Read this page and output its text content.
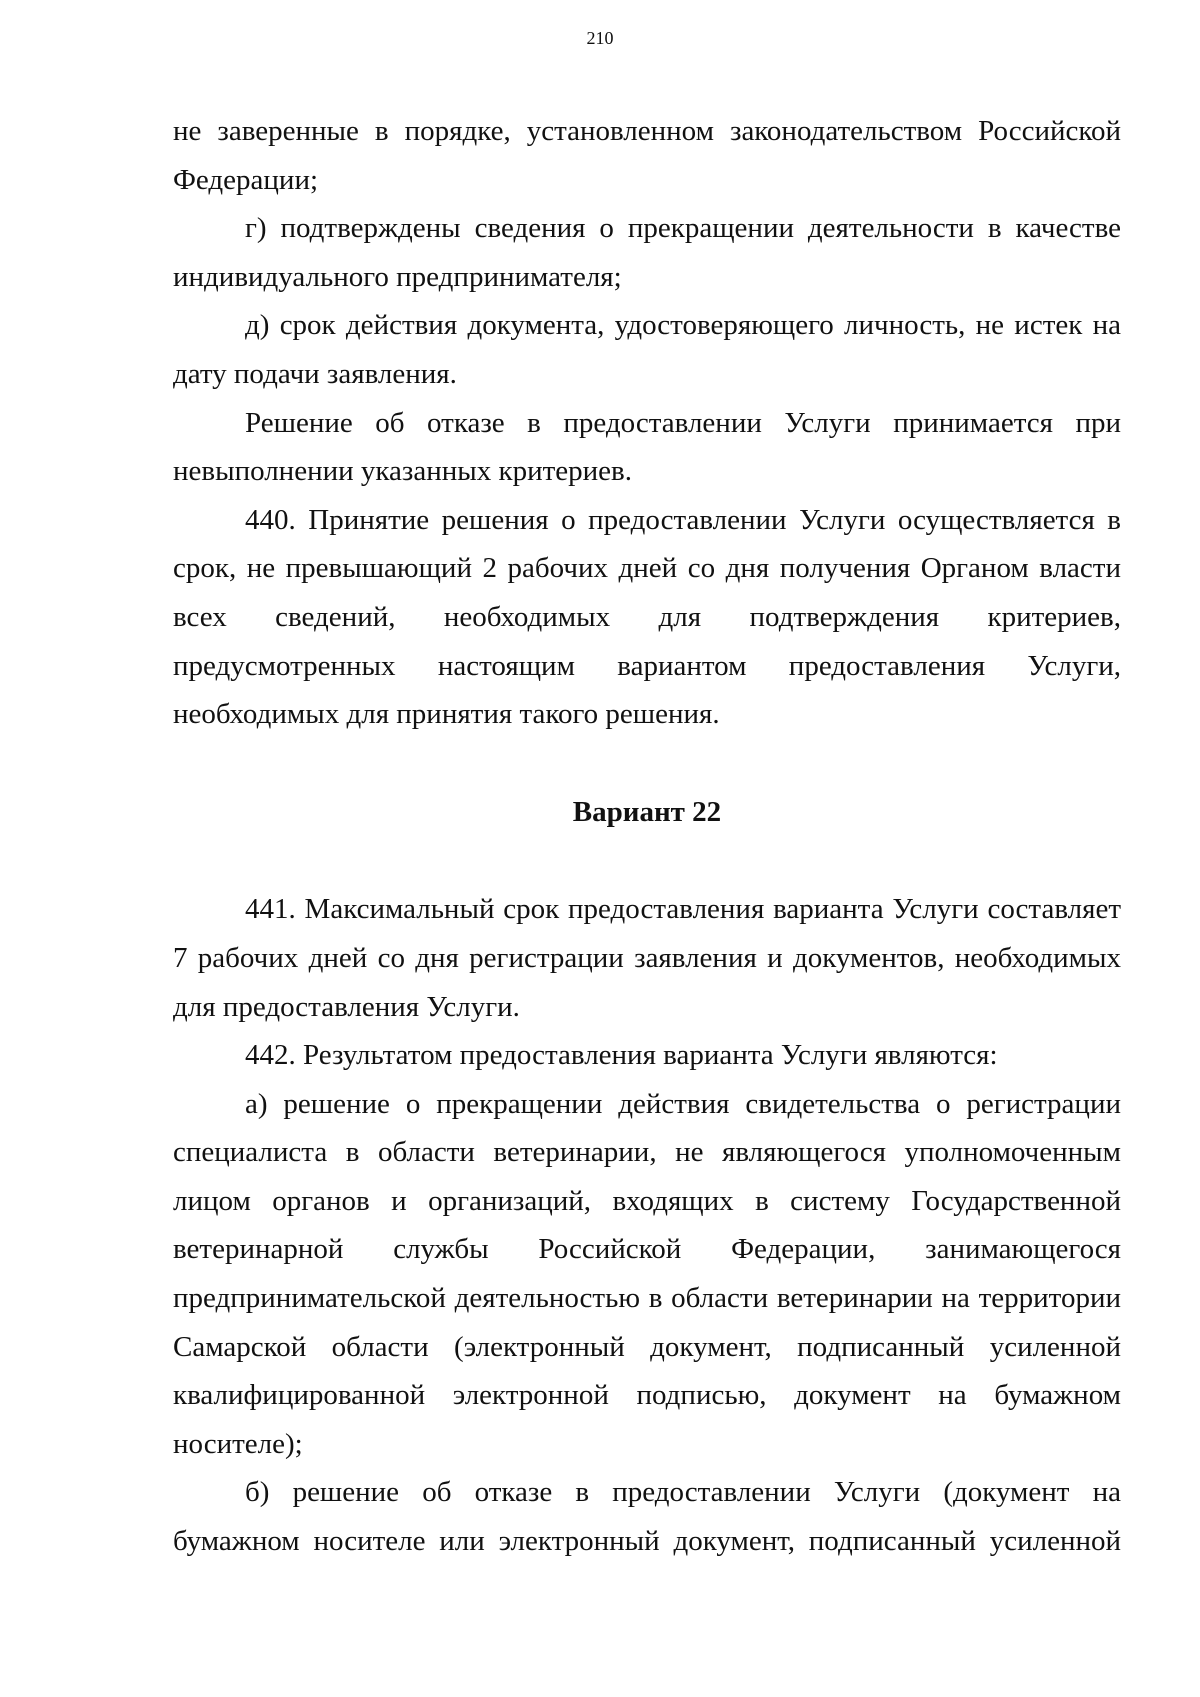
210

не заверенные в порядке, установленном законодательством Российской Федерации;

г) подтверждены сведения о прекращении деятельности в качестве индивидуального предпринимателя;

д) срок действия документа, удостоверяющего личность, не истек на дату подачи заявления.

Решение об отказе в предоставлении Услуги принимается при невыполнении указанных критериев.

440. Принятие решения о предоставлении Услуги осуществляется в срок, не превышающий 2 рабочих дней со дня получения Органом власти всех сведений, необходимых для подтверждения критериев, предусмотренных настоящим вариантом предоставления Услуги, необходимых для принятия такого решения.

Вариант 22

441. Максимальный срок предоставления варианта Услуги составляет 7 рабочих дней со дня регистрации заявления и документов, необходимых для предоставления Услуги.

442. Результатом предоставления варианта Услуги являются:

а) решение о прекращении действия свидетельства о регистрации специалиста в области ветеринарии, не являющегося уполномоченным лицом органов и организаций, входящих в систему Государственной ветеринарной службы Российской Федерации, занимающегося предпринимательской деятельностью в области ветеринарии на территории Самарской области (электронный документ, подписанный усиленной квалифицированной электронной подписью, документ на бумажном носителе);

б) решение об отказе в предоставлении Услуги (документ на бумажном носителе или электронный документ, подписанный усиленной
